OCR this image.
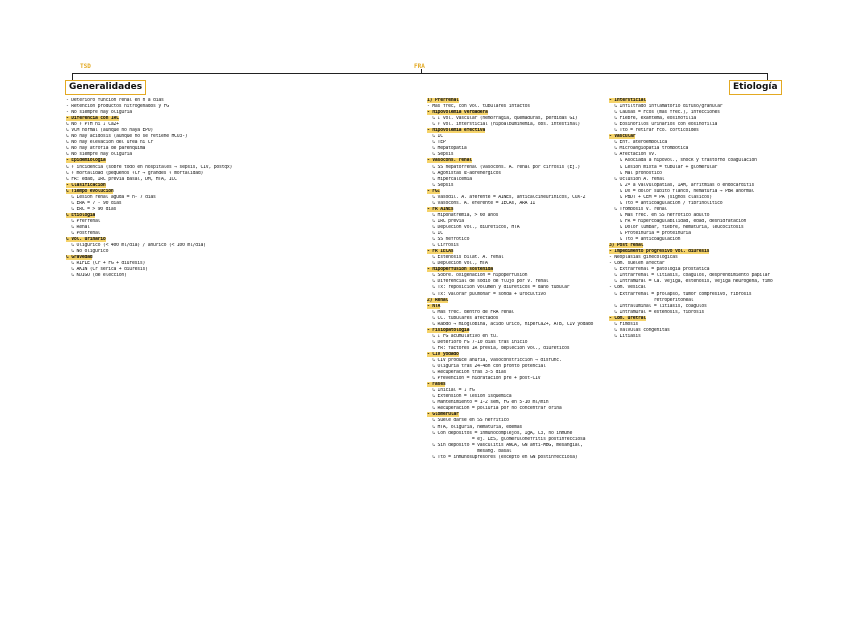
TSD	FRA
Generalidades	Etiología
- Deterioro función renal en h a días
- Retención productos nitrogenados y FG
- No siempre hay oliguria
- Diferencia con IRC
↳ No ↑ PTH ni ↓ Ca2+
↳ VCM normal (aunque no haya EPO)
↳ No hay acidosis (aunque no se retiene HCO3-)
↳ No hay elevación del urea ni Cr
↳ No hay atrofia de parénquima
↳ No siempre hay oliguria
- Epidemiología
↳ ↑ incidencia (sobre todo en hospitales → sepsis, CIV, postqx)
↳ ↑ mortalidad (pequeños ↑Cr → grandes ↑ mortalidad)
↳ FR: edad, IRC previa basal, DM, HTA, ICC
- Clasificación
↳ Tiempo evolución
↳ Lesión renal aguda = h- 7 días
↳ ERA = 7 - 90 días
↳ ERC = > 90 días
↳ Etiología
↳ Prerrenal
↳ Renal
↳ Postrenal
↳ Vol. urinario
↳ Oligúrico (< 400 ml/día) / anúrico (< 100 ml/día)
↳ No oligúrico
↳ Gravedad
↳ RIFLE (Cr + FG + diuresis)
↳ AKIN (Cr sérica + diuresis)
↳ KDIGO (de elección)
1) Prerrenal
- Más frec, con vol. tubulares intactos
- Hipovolemia verdadera
↳ ↓ vol. vascular (hemorragia, quemaduras, pérdidas GI)
↳ ↑ vol. intersticial (hipoalbuminemia, obs. intestinal)
- Hipovolemia efectiva
↳ IC
↳ TEP
↳ Hepatopatía
↳ Sepsis
- Vasocons. renal
↳ SS hepatorrenal (vasocons. A. renal por cirrosis (Ej.)
↳ Agonistas α-adrenérgicos
↳ Hipercalcemia
↳ Sepsis
- FG↓
↳ vasodil. A. aferente = AINEs, anticalcineurínicos, COX-2
↳ vasocons. A. eferente = IECAs, ARA II
- FR AINEs
↳ Hiponatremia, > 60 años
↳ IRC previa
↳ Depleción vol., diuréticos, HTA
↳ IC
↳ SS nefrótico
↳ Cirrosis
- FR IECAs
↳ Estenosis bilat. A. renal
↳ Depleción vol., HTA
- Hipoperfusión sostenida
↳ Sobre. oxigenación = hipoperfusión
↳ Diferencial de sodio de flujo por V. renal
↳ Tx: reposición volumen y diuréticos = daño tubular
↳ Tx: valorar pulmonar = sonda + urocultivo
2) Renal
- NTA
↳ Más frec. dentro de FRA renal
↳ CC. tubulares afectados
↳ Rabdo → mioglobina, ácido úrico, hiperCa2+, ATB, CIV yodado
- Fisiopatología
↳ ↓ FG acumulativo en tú.
↳ Deterioro FG 7-10 días tras inicio
↳ FR: factores IR previa, depleción vol., diuréticos
- CIV yodado
↳ CIV produce anuria, vasoconstricción → disfunc.
↳ Oliguria tras 24-48h con pronto potencial
↳ Recuperación tras 3-5 días
↳ Prevención = hidratación pre + post-CIV
- Fases
↳ Inicial = ↓ FG
↳ Extensión = lesión isquémica
↳ Mantenimiento = 1-2 sem, FG en 5-10 ml/min
↳ Recuperación = poliuria por no concentrar orina
- Glomerular
↳ Suele darse en SS nefrítico
↳ HTA, oliguria, hematuria, edemas
↳ Con depósitos = inmunocomplejos, IgA, C3, no inmune
= ej. LES, glomerulonefritis postinfecciosa
↳ Sin depósito = vasculitis ANCA, GN anti-MBG, mesangial,
mesang. basal
↳ Tto = inmunosupresores (excepto en GN postinfecciosa)
- Intersticial
↳ Infiltrado inflamatorio difuso/granular
↳ Causas = Fcos (más frec.), infecciones
↳ Fiebre, exantema, eosinofilia
↳ Eosinófilos urinarios con eosinofilia
↳ Tto = retirar Fco. corticoides
- Vascular
↳ Enf. ateroembólica
↳ Microangiopatía trombótica
↳ Afectación vv.
↳ Asociada a hipovol., shock y trastorno coagulación
↳ Lesión mixta = tubular + glomerular
↳ Mal pronóstico
↳ Oclusión A. renal
↳ 2ª a valvulopatías, IAM, arritmias o endocarditis
↳ Dx = dolor súbito flanco, hematuria → PBR anormal
↳ PBDT + CEM = PA (signos clásicos)
↳ Tto = anticoagulación / fibrinolítico
↳ Trombosis V. renal
↳ Más frec. en SS nefrótico adulto
↳ FR = hipercoagulabilidad, edad, deshidratación
↳ Dolor lumbar, fiebre, hematuria, leucocitosis
↳ Proteinuria = proteinuria
↳ Tto = anticoagulación
3) Post renal
- Impedimento progresivo vol. diuresis
- Neoplasias ginecológicas
- Com. suelen afectar
↳ Extrarrenal = patología prostática
↳ Intrarrenal = litiasis, coágulos, desprendimiento papilar
↳ Intramural = Ca. vejiga, estenosis, vejiga neurógena, fimo
- Com. vesical
↳ Extrarrenal = prolapso, tumor compresivo, fibrosis
retroperitoneal
↳ Intraluminal = litiasis, coágulos
↳ Intramural = estenosis, fibrosis
- Com. uretral
↳ Fimosis
↳ Válvulas congénitas
↳ Litiasis
